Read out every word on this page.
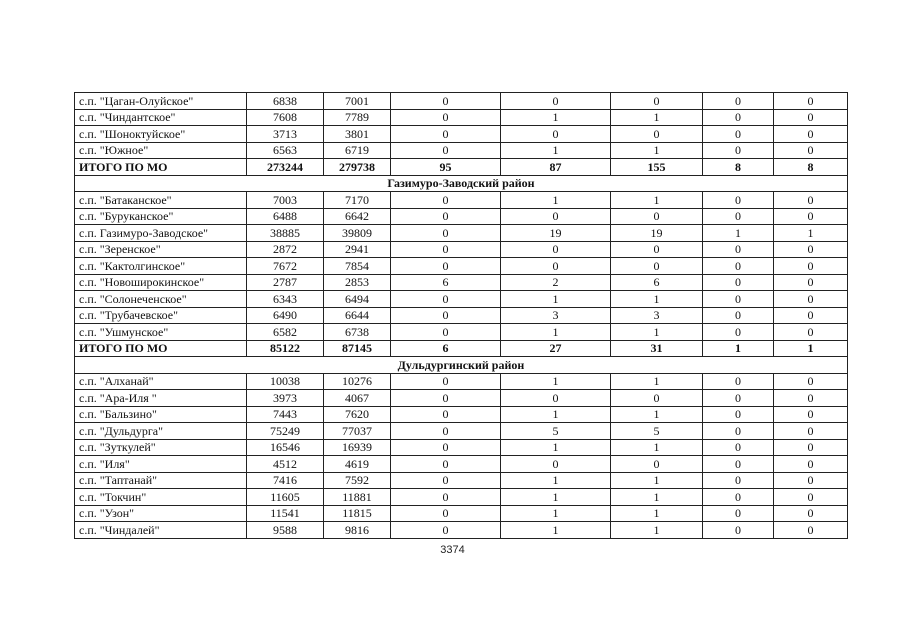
с.п. "Цаган-Олуйское"	6838	7001	0	0	0	0	0
с.п. "Чиндантское"	7608	7789	0	1	1	0	0
с.п. "Шоноктуйское"	3713	3801	0	0	0	0	0
с.п. "Южное"	6563	6719	0	1	1	0	0
ИТОГО ПО МО	273244	279738	95	87	155	8	8
Газимуро-Заводский район							
с.п. "Батаканское"	7003	7170	0	1	1	0	0
с.п. "Буруканское"	6488	6642	0	0	0	0	0
с.п. Газимуро-Заводское"	38885	39809	0	19	19	1	1
с.п. "Зеренское"	2872	2941	0	0	0	0	0
с.п. "Кактолгинское"	7672	7854	0	0	0	0	0
с.п. "Новоширокинское"	2787	2853	6	2	6	0	0
с.п. "Солонеченское"	6343	6494	0	1	1	0	0
с.п. "Трубачевское"	6490	6644	0	3	3	0	0
с.п. "Ушмунское"	6582	6738	0	1	1	0	0
ИТОГО ПО МО	85122	87145	6	27	31	1	1
Дульдургинский район							
с.п. "Алханай"	10038	10276	0	1	1	0	0
с.п. "Ара-Иля "	3973	4067	0	0	0	0	0
с.п. "Бальзино"	7443	7620	0	1	1	0	0
с.п. "Дульдурга"	75249	77037	0	5	5	0	0
с.п. "Зуткулей"	16546	16939	0	1	1	0	0
с.п. "Иля"	4512	4619	0	0	0	0	0
с.п. "Таптанай"	7416	7592	0	1	1	0	0
с.п. "Токчин"	11605	11881	0	1	1	0	0
с.п. "Узон"	11541	11815	0	1	1	0	0
с.п. "Чиндалей"	9588	9816	0	1	1	0	0
3374
